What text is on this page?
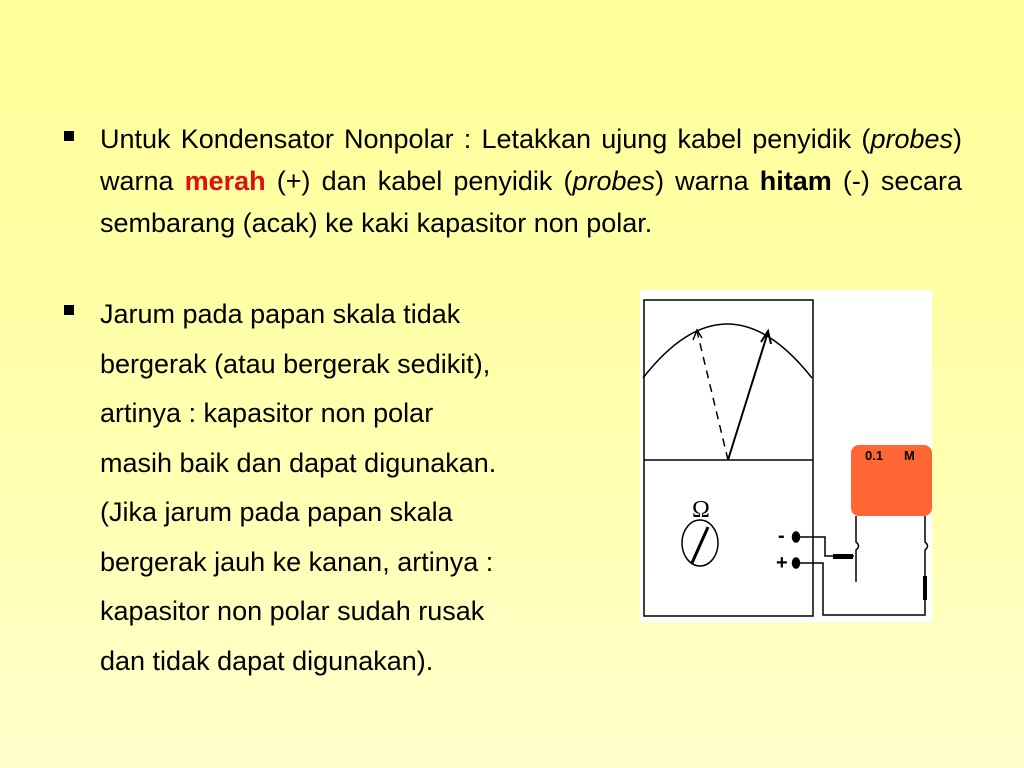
Untuk Kondensator Nonpolar : Letakkan ujung kabel penyidik (probes) warna merah (+) dan kabel penyidik (probes) warna hitam (-) secara sembarang (acak) ke kaki kapasitor non polar.
Jarum pada papan skala tidak
bergerak (atau bergerak sedikit),
artinya : kapasitor non polar
masih baik dan dapat digunakan.
(Jika jarum pada papan skala
bergerak jauh ke kanan, artinya :
kapasitor non polar sudah rusak
dan tidak dapat digunakan).
Ω
-
+
0.1 M
